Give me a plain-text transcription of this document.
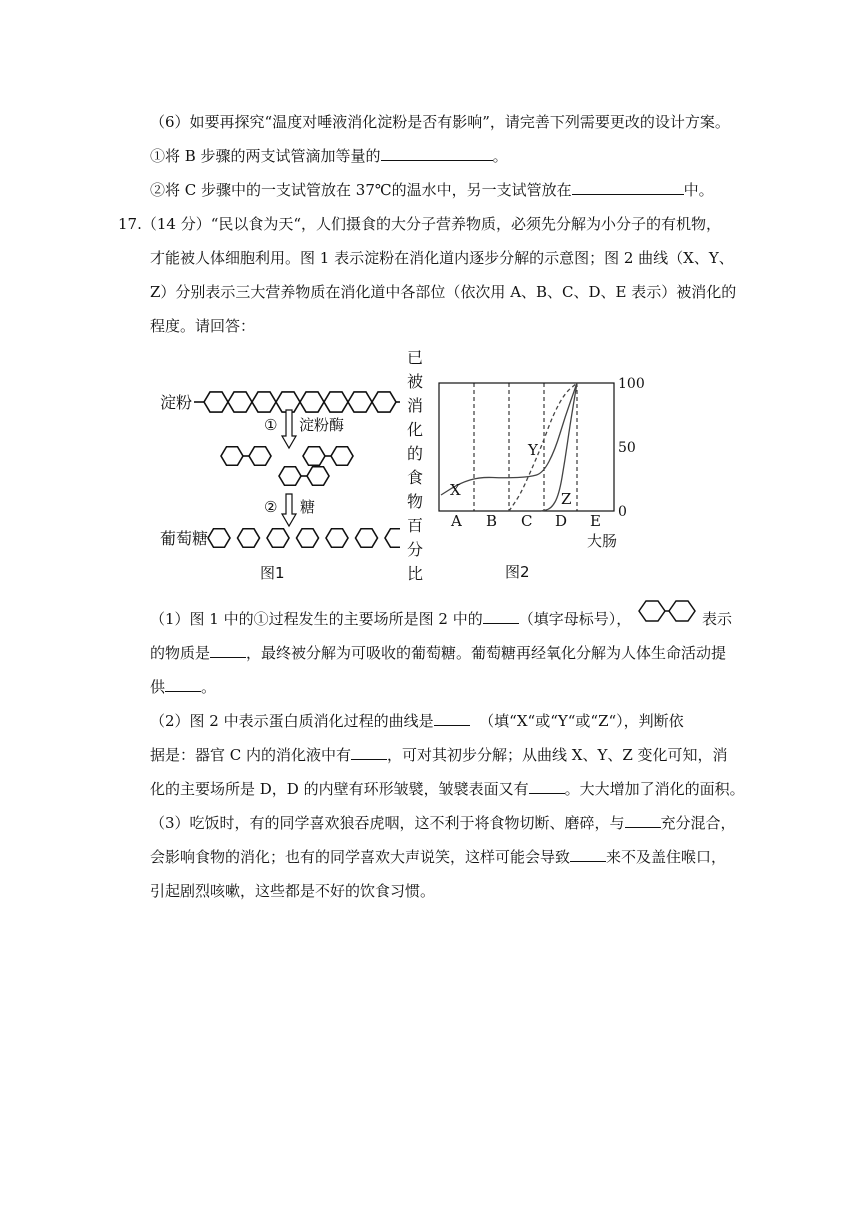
（6）如要再探究“温度对唾液消化淀粉是否有影响”，请完善下列需要更改的设计方案。
①将 B 步骤的两支试管滴加等量的	。
②将 C 步骤中的一支试管放在 37℃的温水中，另一支试管放在	中。
17.（14 分）“民以食为天“，人们摄食的大分子营养物质，必须先分解为小分子的有机物，
才能被人体细胞利用。图 1 表示淀粉在消化道内逐步分解的示意图；图 2 曲线（X、Y、
Z）分别表示三大营养物质在消化道中各部位（依次用 A、B、C、D、E 表示）被消化的
程度。请回答：
淀粉
① 淀粉酶
② 糖
葡萄糖
图1
已
被
消
化
的
食
物
百
分
比
A B C D E 0
50
100
X
Y
Z
大肠
图2
（1）图 1 中的①过程发生的主要场所是图 2 中的 （填字母标号），	表示
的物质是 ，最终被分解为可吸收的葡萄糖。葡萄糖再经氧化分解为人体生命活动提
供 。
（2）图 2 中表示蛋白质消化过程的曲线是	（填“X“或“Y“或“Z“），判断依
据是：器官 C 内的消化液中有 ，可对其初步分解；从曲线 X、Y、Z 变化可知，消
化的主要场所是 D，D 的内壁有环形皱襞，皱襞表面又有 。大大增加了消化的面积。
（3）吃饭时，有的同学喜欢狼吞虎咽，这不利于将食物切断、磨碎，与 充分混合，
会影响食物的消化；也有的同学喜欢大声说笑，这样可能会导致 来不及盖住喉口，
引起剧烈咳嗽，这些都是不好的饮食习惯。
